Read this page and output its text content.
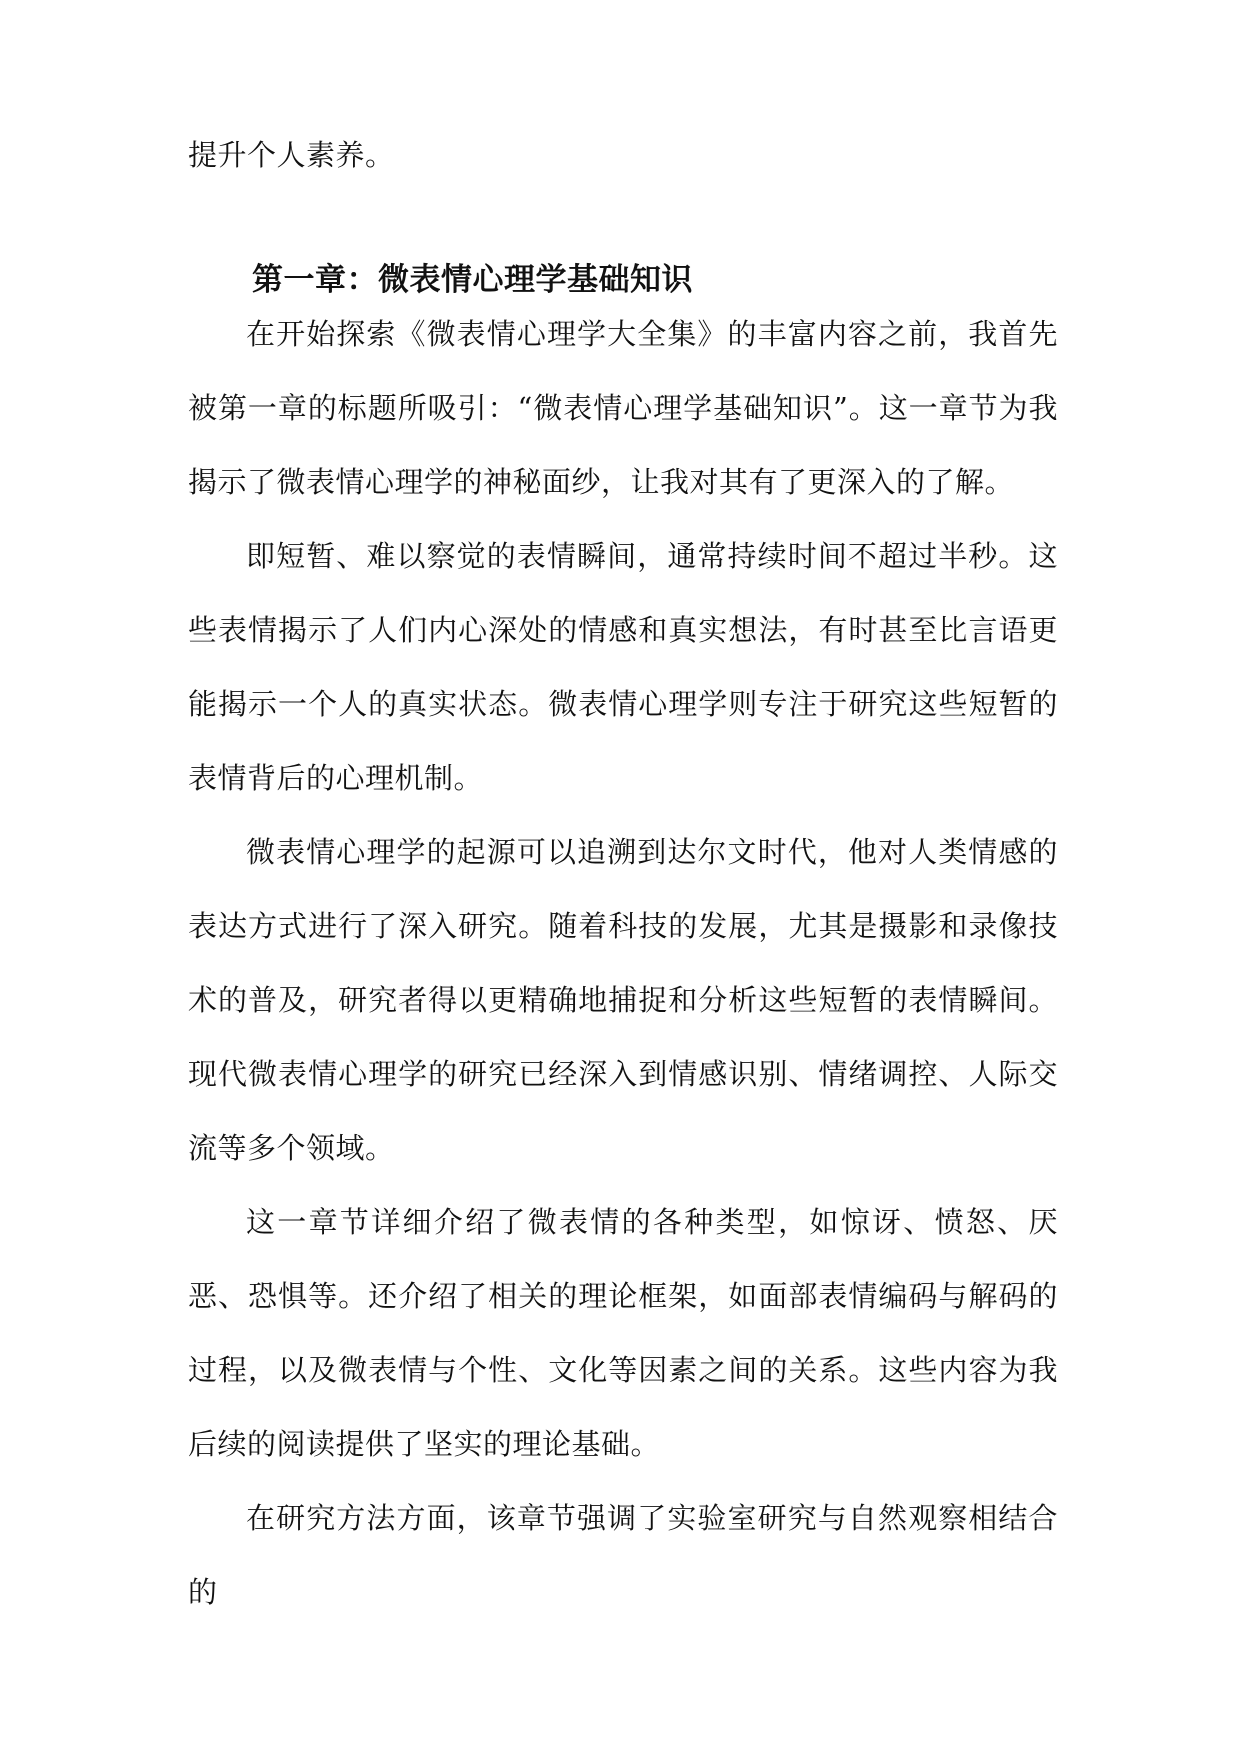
提升个人素养。

第一章：微表情心理学基础知识

在开始探索《微表情心理学大全集》的丰富内容之前，我首先被第一章的标题所吸引：“微表情心理学基础知识”。这一章节为我揭示了微表情心理学的神秘面纱，让我对其有了更深入的了解。

即短暂、难以察觉的表情瞬间，通常持续时间不超过半秒。这些表情揭示了人们内心深处的情感和真实想法，有时甚至比言语更能揭示一个人的真实状态。微表情心理学则专注于研究这些短暂的表情背后的心理机制。

微表情心理学的起源可以追溯到达尔文时代，他对人类情感的表达方式进行了深入研究。随着科技的发展，尤其是摄影和录像技术的普及，研究者得以更精确地捕捉和分析这些短暂的表情瞬间。现代微表情心理学的研究已经深入到情感识别、情绪调控、人际交流等多个领域。

这一章节详细介绍了微表情的各种类型，如惊讶、愤怒、厌恶、恐惧等。还介绍了相关的理论框架，如面部表情编码与解码的过程，以及微表情与个性、文化等因素之间的关系。这些内容为我后续的阅读提供了坚实的理论基础。

在研究方法方面，该章节强调了实验室研究与自然观察相结合的
